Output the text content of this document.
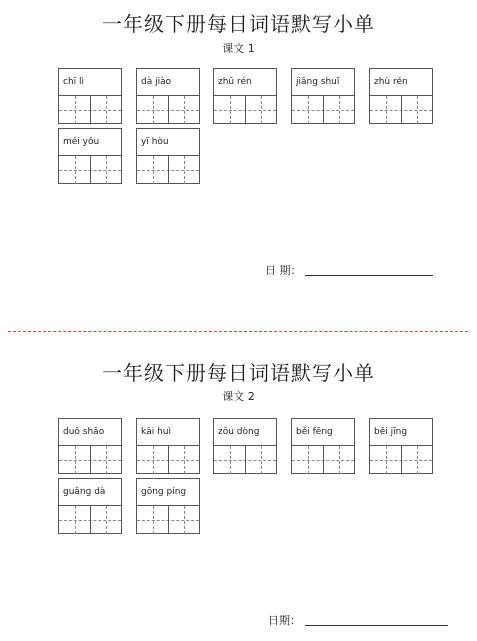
一年级下册每日词语默写小单
课文 1
chī lì	dà jiào	zhū rén	jiāng shuǐ	zhù rén
méi yǒu	yī hòu
日 期：
一年级下册每日词语默写小单
课文 2
duō shǎo	kāi huì	zǒu dòng	běi fēng	běi jīng
guǎng dà	gōng píng
日期：
